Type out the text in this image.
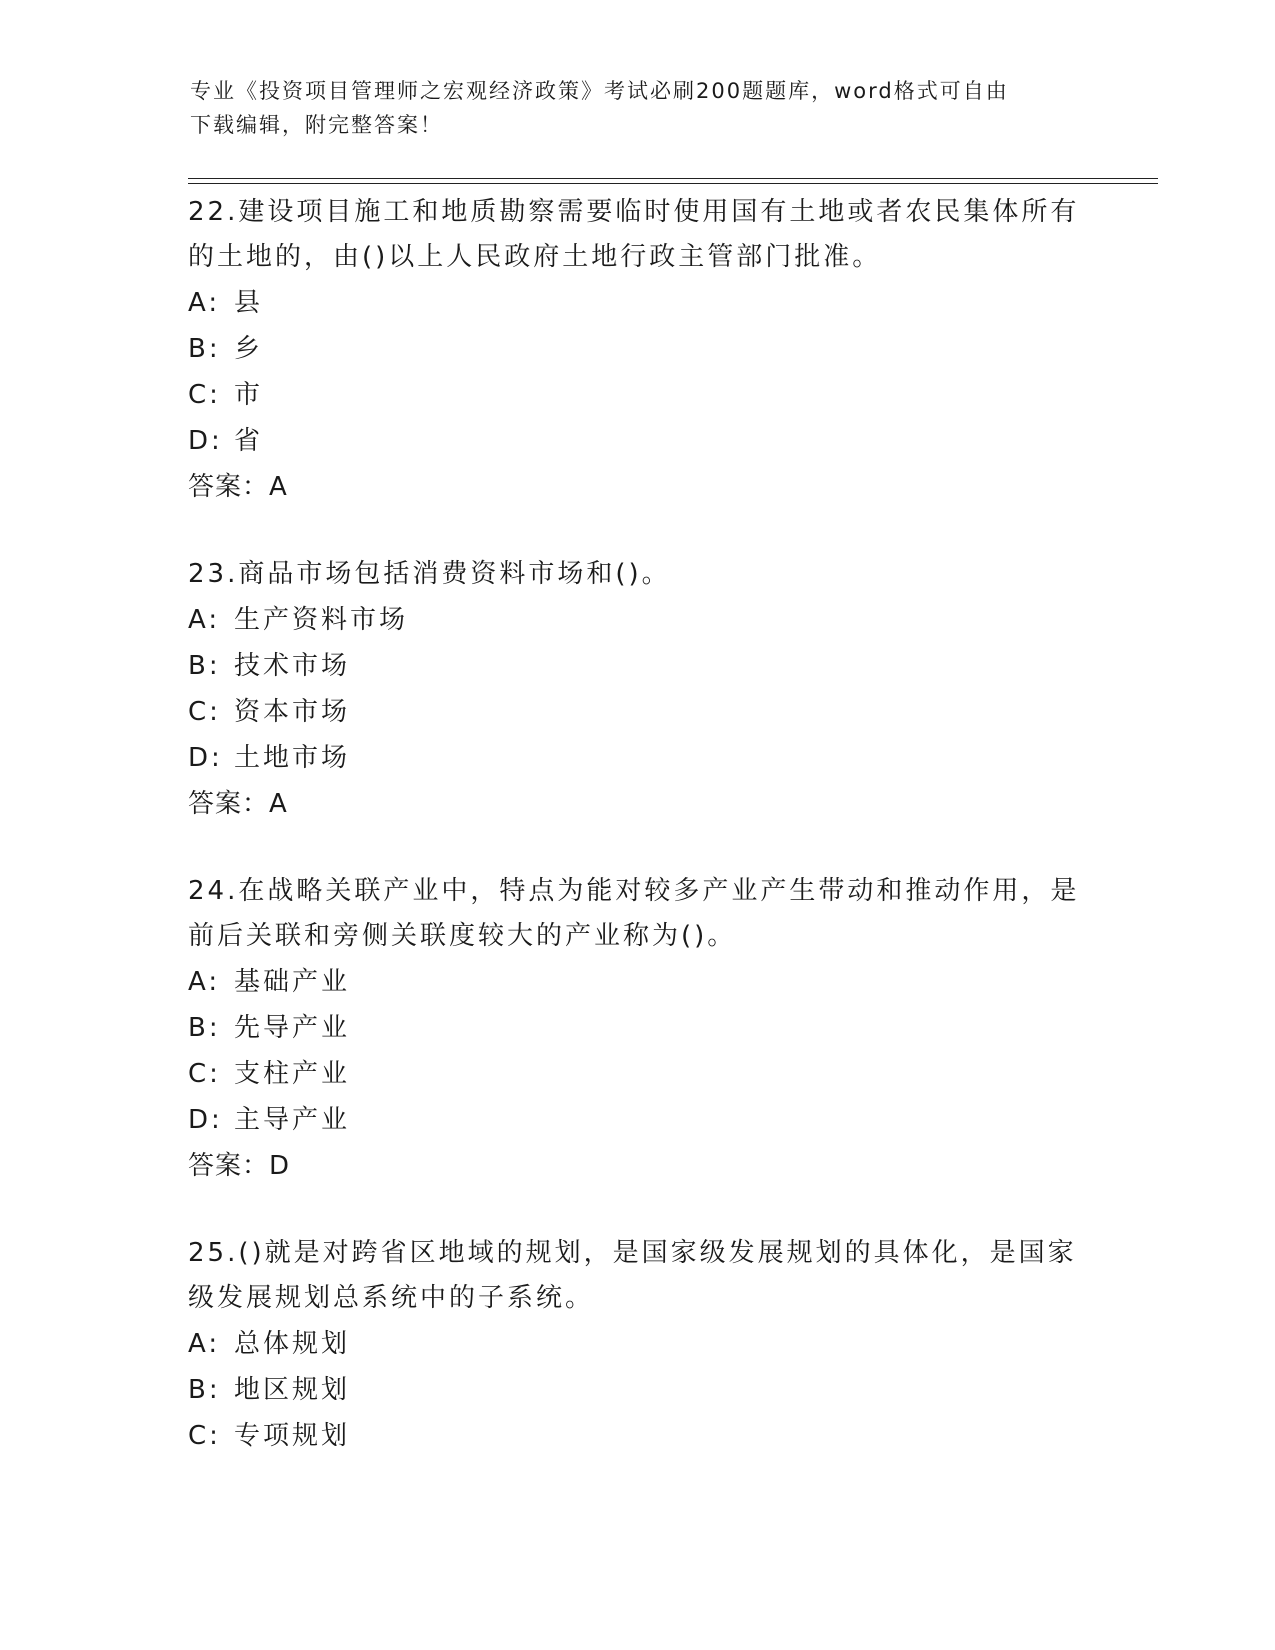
专业《投资项目管理师之宏观经济政策》考试必刷200题题库，word格式可自由
下载编辑，附完整答案！

22.建设项目施工和地质勘察需要临时使用国有土地或者农民集体所有

的土地的，由()以上人民政府土地行政主管部门批准。

A: 县

B: 乡

C: 市

D: 省

答案：A

23.商品市场包括消费资料市场和()。

A: 生产资料市场

B: 技术市场

C: 资本市场

D: 土地市场

答案：A

24.在战略关联产业中，特点为能对较多产业产生带动和推动作用，是

前后关联和旁侧关联度较大的产业称为()。

A: 基础产业

B: 先导产业

C: 支柱产业

D: 主导产业

答案：D

25.()就是对跨省区地域的规划，是国家级发展规划的具体化，是国家

级发展规划总系统中的子系统。

A: 总体规划

B: 地区规划

C: 专项规划
